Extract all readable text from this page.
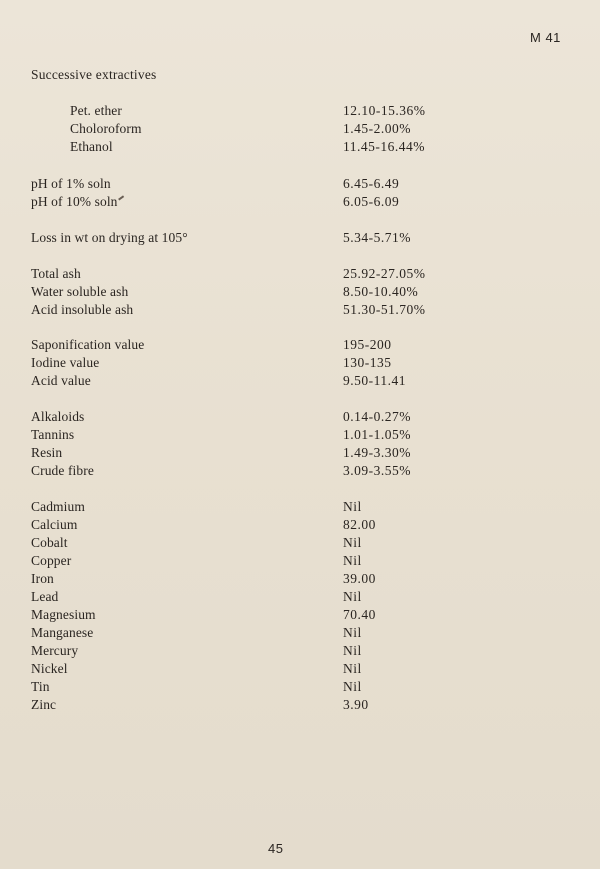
M 41
Successive extractives
Pet. ether	12.10-15.36%
Choloroform	1.45-2.00%
Ethanol	11.45-16.44%
pH of 1% soln	6.45-6.49
pH of 10% soln	6.05-6.09
Loss in wt on drying at 105°	5.34-5.71%
Total ash	25.92-27.05%
Water soluble ash	8.50-10.40%
Acid insoluble ash	51.30-51.70%
Saponification value	195-200
Iodine value	130-135
Acid value	9.50-11.41
Alkaloids	0.14-0.27%
Tannins	1.01-1.05%
Resin	1.49-3.30%
Crude fibre	3.09-3.55%
Cadmium	Nil
Calcium	82.00
Cobalt	Nil
Copper	Nil
Iron	39.00
Lead	Nil
Magnesium	70.40
Manganese	Nil
Mercury	Nil
Nickel	Nil
Tin	Nil
Zinc	3.90
45
